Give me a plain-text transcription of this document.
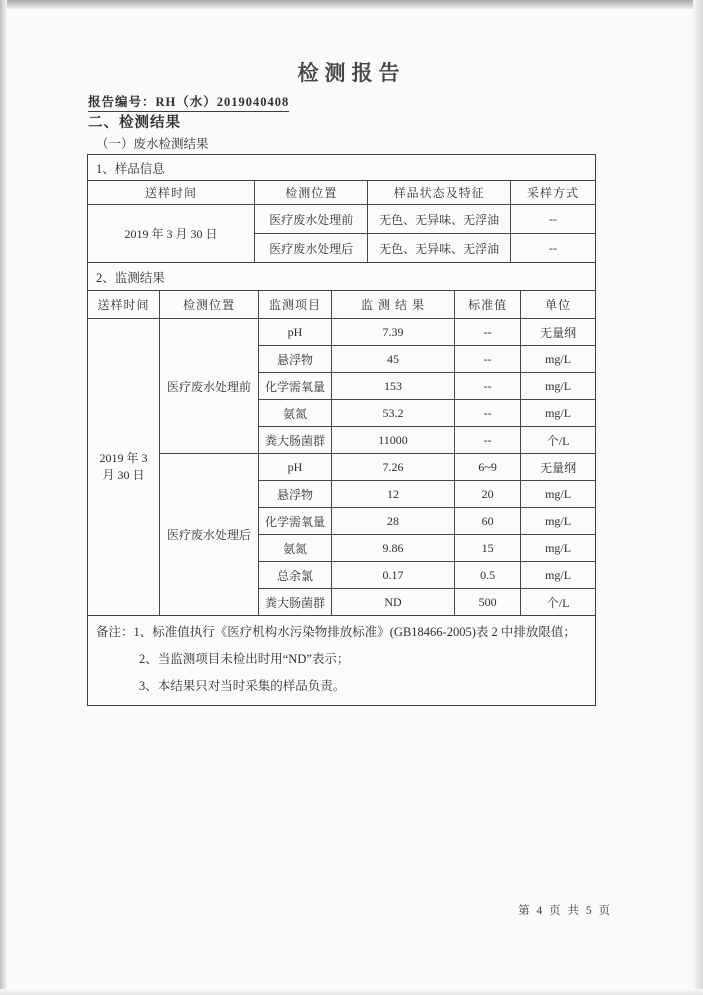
检测报告
报告编号：RH（水）2019040408
二、检测结果
（一）废水检测结果
1、样品信息
送样时间	检测位置	样品状态及特征	采样方式
2019 年 3 月 30 日	医疗废水处理前	无色、无异味、无浮油	--
	医疗废水处理后	无色、无异味、无浮油	--
2、监测结果
送样时间	检测位置	监测项目	监 测 结 果	标准值	单位
2019 年 3 月 30 日	医疗废水处理前	pH	7.39	--	无量纲
		悬浮物	45	--	mg/L
		化学需氧量	153	--	mg/L
		氨氮	53.2	--	mg/L
		粪大肠菌群	11000	--	个/L
	医疗废水处理后	pH	7.26	6~9	无量纲
		悬浮物	12	20	mg/L
		化学需氧量	28	60	mg/L
		氨氮	9.86	15	mg/L
		总余氯	0.17	0.5	mg/L
		粪大肠菌群	ND	500	个/L
备注： 1、标准值执行《医疗机构水污染物排放标准》(GB18466-2005)表 2 中排放限值；
2、当监测项目未检出时用“ND”表示；
3、本结果只对当时采集的样品负责。
第 4 页 共 5 页
